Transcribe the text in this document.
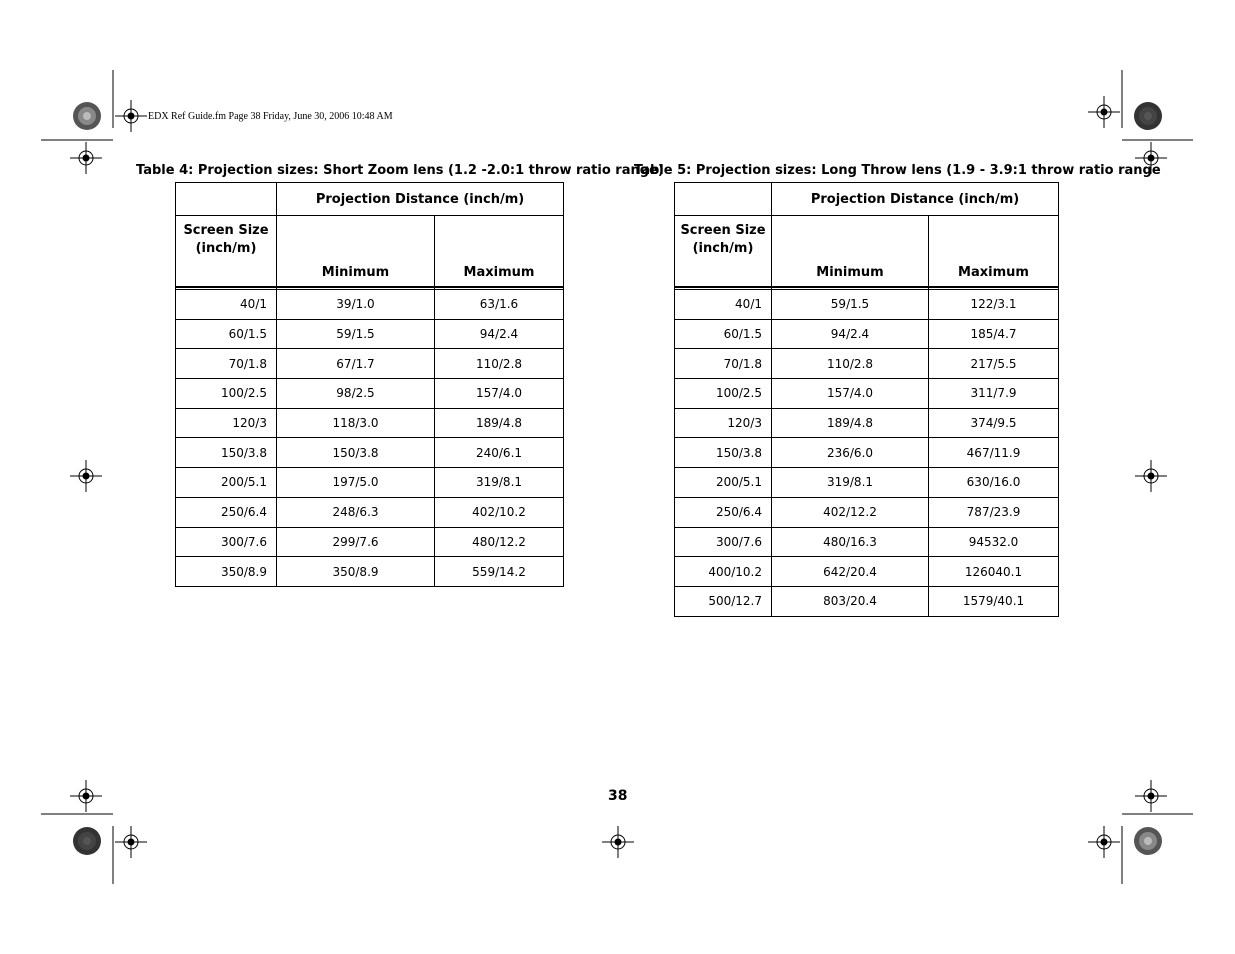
EDX Ref Guide.fm Page 38 Friday, June 30, 2006 10:48 AM
Table 4: Projection sizes: Short Zoom lens (1.2 -2.0:1 throw ratio range)
	Projection Distance (inch/m)	
Screen Size (inch/m)	Minimum	Maximum

40/1	39/1.0	63/1.6
60/1.5	59/1.5	94/2.4
70/1.8	67/1.7	110/2.8
100/2.5	98/2.5	157/4.0
120/3	118/3.0	189/4.8
150/3.8	150/3.8	240/6.1
200/5.1	197/5.0	319/8.1
250/6.4	248/6.3	402/10.2
300/7.6	299/7.6	480/12.2
350/8.9	350/8.9	559/14.2
Table 5: Projection sizes: Long Throw lens (1.9 - 3.9:1 throw ratio range
	Projection Distance (inch/m)	
Screen Size (inch/m)	Minimum	Maximum

40/1	59/1.5	122/3.1
60/1.5	94/2.4	185/4.7
70/1.8	110/2.8	217/5.5
100/2.5	157/4.0	311/7.9
120/3	189/4.8	374/9.5
150/3.8	236/6.0	467/11.9
200/5.1	319/8.1	630/16.0
250/6.4	402/12.2	787/23.9
300/7.6	480/16.3	94532.0
400/10.2	642/20.4	126040.1
500/12.7	803/20.4	1579/40.1
38
